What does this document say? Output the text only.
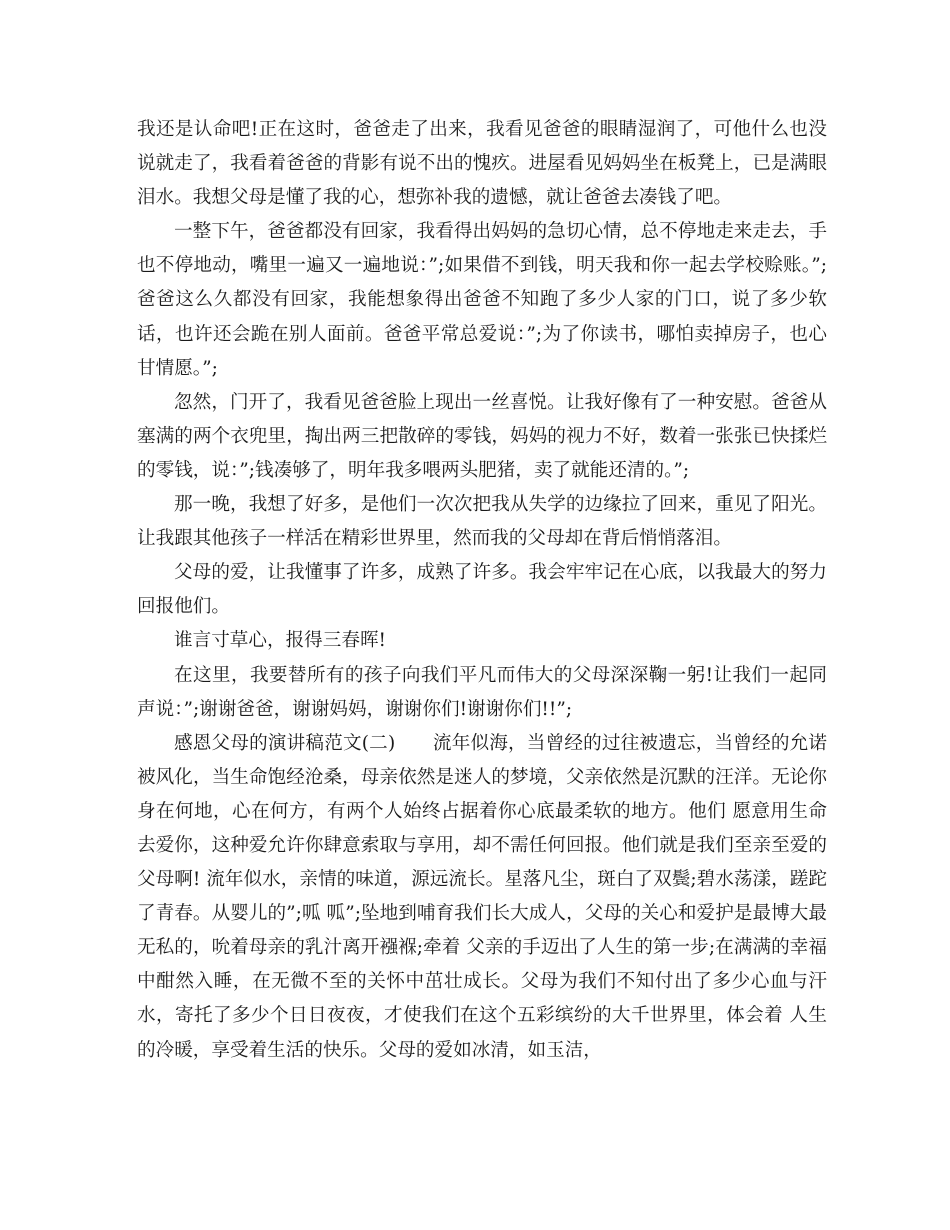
我还是认命吧!正在这时，爸爸走了出来，我看见爸爸的眼睛湿润了，可他什么也没说就走了，我看着爸爸的背影有说不出的愧疚。进屋看见妈妈坐在板凳上，已是满眼泪水。我想父母是懂了我的心，想弥补我的遗憾，就让爸爸去凑钱了吧。

一整下午，爸爸都没有回家，我看得出妈妈的急切心情，总不停地走来走去，手也不停地动，嘴里一遍又一遍地说：”;如果借不到钱，明天我和你一起去学校赊账。”;爸爸这么久都没有回家，我能想象得出爸爸不知跑了多少人家的门口，说了多少软话，也许还会跪在别人面前。爸爸平常总爱说：”;为了你读书，哪怕卖掉房子，也心甘情愿。”;

忽然，门开了，我看见爸爸脸上现出一丝喜悦。让我好像有了一种安慰。爸爸从塞满的两个衣兜里，掏出两三把散碎的零钱，妈妈的视力不好，数着一张张已快揉烂的零钱，说：”;钱凑够了，明年我多喂两头肥猪，卖了就能还清的。”;

那一晚，我想了好多，是他们一次次把我从失学的边缘拉了回来，重见了阳光。让我跟其他孩子一样活在精彩世界里，然而我的父母却在背后悄悄落泪。

父母的爱，让我懂事了许多，成熟了许多。我会牢牢记在心底，以我最大的努力回报他们。

谁言寸草心，报得三春晖!

在这里，我要替所有的孩子向我们平凡而伟大的父母深深鞠一躬!让我们一起同声说：”;谢谢爸爸，谢谢妈妈，谢谢你们!谢谢你们!!”;

感恩父母的演讲稿范文(二)　　流年似海，当曾经的过往被遗忘，当曾经的允诺被风化，当生命饱经沧桑，母亲依然是迷人的梦境，父亲依然是沉默的汪洋。无论你身在何地，心在何方，有两个人始终占据着你心底最柔软的地方。他们 愿意用生命去爱你，这种爱允许你肆意索取与享用，却不需任何回报。他们就是我们至亲至爱的父母啊! 流年似水，亲情的味道，源远流长。星落凡尘，斑白了双鬓;碧水荡漾，蹉跎了青春。从婴儿的”;呱 呱”;坠地到哺育我们长大成人，父母的关心和爱护是最博大最无私的，吮着母亲的乳汁离开襁褓;牵着 父亲的手迈出了人生的第一步;在满满的幸福中酣然入睡，在无微不至的关怀中茁壮成长。父母为我们不知付出了多少心血与汗水，寄托了多少个日日夜夜，才使我们在这个五彩缤纷的大千世界里，体会着 人生的冷暖，享受着生活的快乐。父母的爱如冰清，如玉洁，
